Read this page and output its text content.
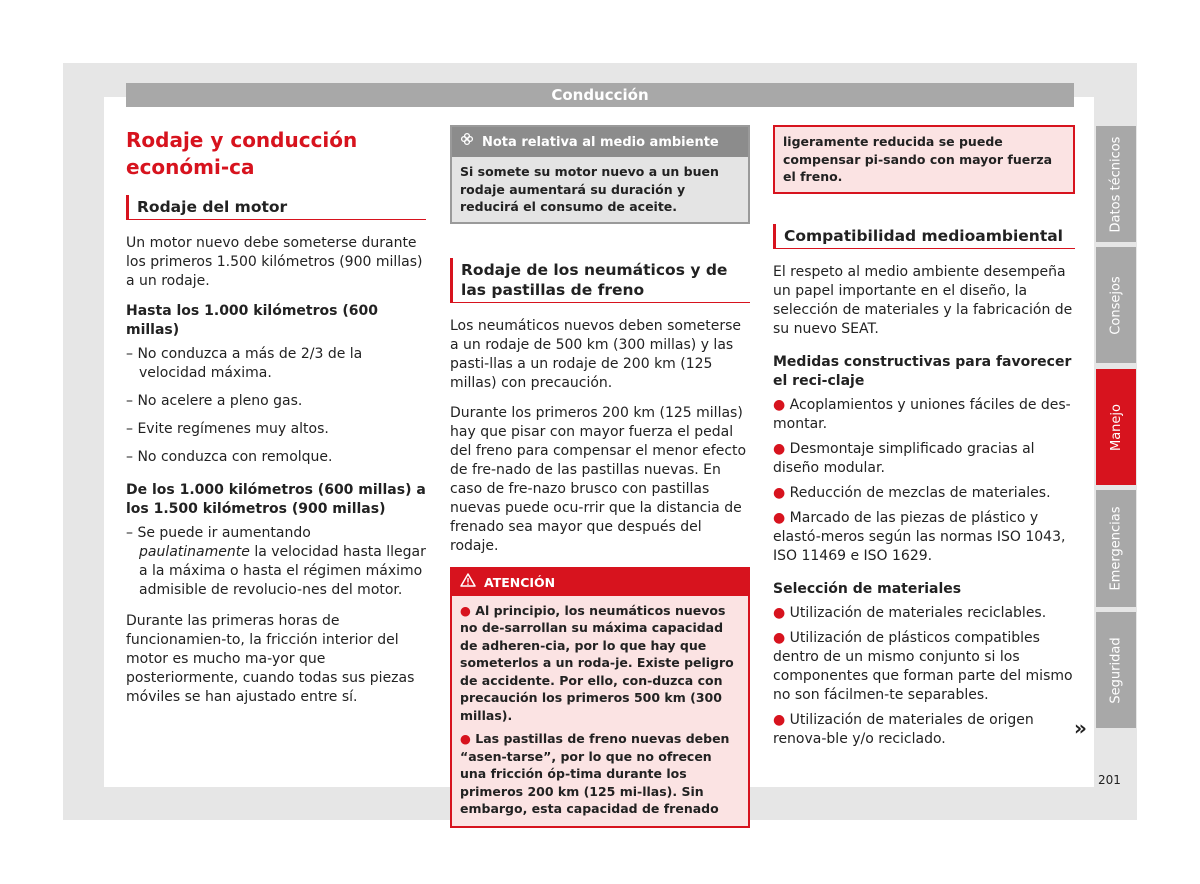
Conducción
Rodaje y conducción económi-ca
Rodaje del motor

Un motor nuevo debe someterse durante los primeros 1.500 kilómetros (900 millas) a un rodaje.

Hasta los 1.000 kilómetros (600 millas)

– No conduzca a más de 2/3 de la velocidad máxima.

– No acelere a pleno gas.

– Evite regímenes muy altos.

– No conduzca con remolque.

De los 1.000 kilómetros (600 millas) a los 1.500 kilómetros (900 millas)

– Se puede ir aumentando paulatinamente la velocidad hasta llegar a la máxima o hasta el régimen máximo admisible de revolucio-nes del motor.

Durante las primeras horas de funcionamien-to, la fricción interior del motor es mucho ma-yor que posteriormente, cuando todas sus piezas móviles se han ajustado entre sí.

Nota relativa al medio ambiente
Si somete su motor nuevo a un buen rodaje aumentará su duración y reducirá el consumo de aceite.
Rodaje de los neumáticos y de las pastillas de freno

Los neumáticos nuevos deben someterse a un rodaje de 500 km (300 millas) y las pasti-llas a un rodaje de 200 km (125 millas) con precaución.

Durante los primeros 200 km (125 millas) hay que pisar con mayor fuerza el pedal del freno para compensar el menor efecto de fre-nado de las pastillas nuevas. En caso de fre-nazo brusco con pastillas nuevas puede ocu-rrir que la distancia de frenado sea mayor que después del rodaje.

ATENCIÓN

● Al principio, los neumáticos nuevos no de-sarrollan su máxima capacidad de adheren-cia, por lo que hay que someterlos a un roda-je. Existe peligro de accidente. Por ello, con-duzca con precaución los primeros 500 km (300 millas).

● Las pastillas de freno nuevas deben “asen-tarse”, por lo que no ofrecen una fricción óp-tima durante los primeros 200 km (125 mi-llas). Sin embargo, esta capacidad de frenado

ligeramente reducida se puede compensar pi-sando con mayor fuerza el freno.
Compatibilidad medioambiental

El respeto al medio ambiente desempeña un papel importante en el diseño, la selección de materiales y la fabricación de su nuevo SEAT.

Medidas constructivas para favorecer el reci-claje

● Acoplamientos y uniones fáciles de des-montar.

● Desmontaje simplificado gracias al diseño modular.

● Reducción de mezclas de materiales.

● Marcado de las piezas de plástico y elastó-meros según las normas ISO 1043, ISO 11469 e ISO 1629.

Selección de materiales

● Utilización de materiales reciclables.

● Utilización de plásticos compatibles dentro de un mismo conjunto si los componentes que forman parte del mismo no son fácilmen-te separables.

● Utilización de materiales de origen renova-ble y/o reciclado.	»
Datos técnicos
Consejos
Manejo
Emergencias
Seguridad
201
